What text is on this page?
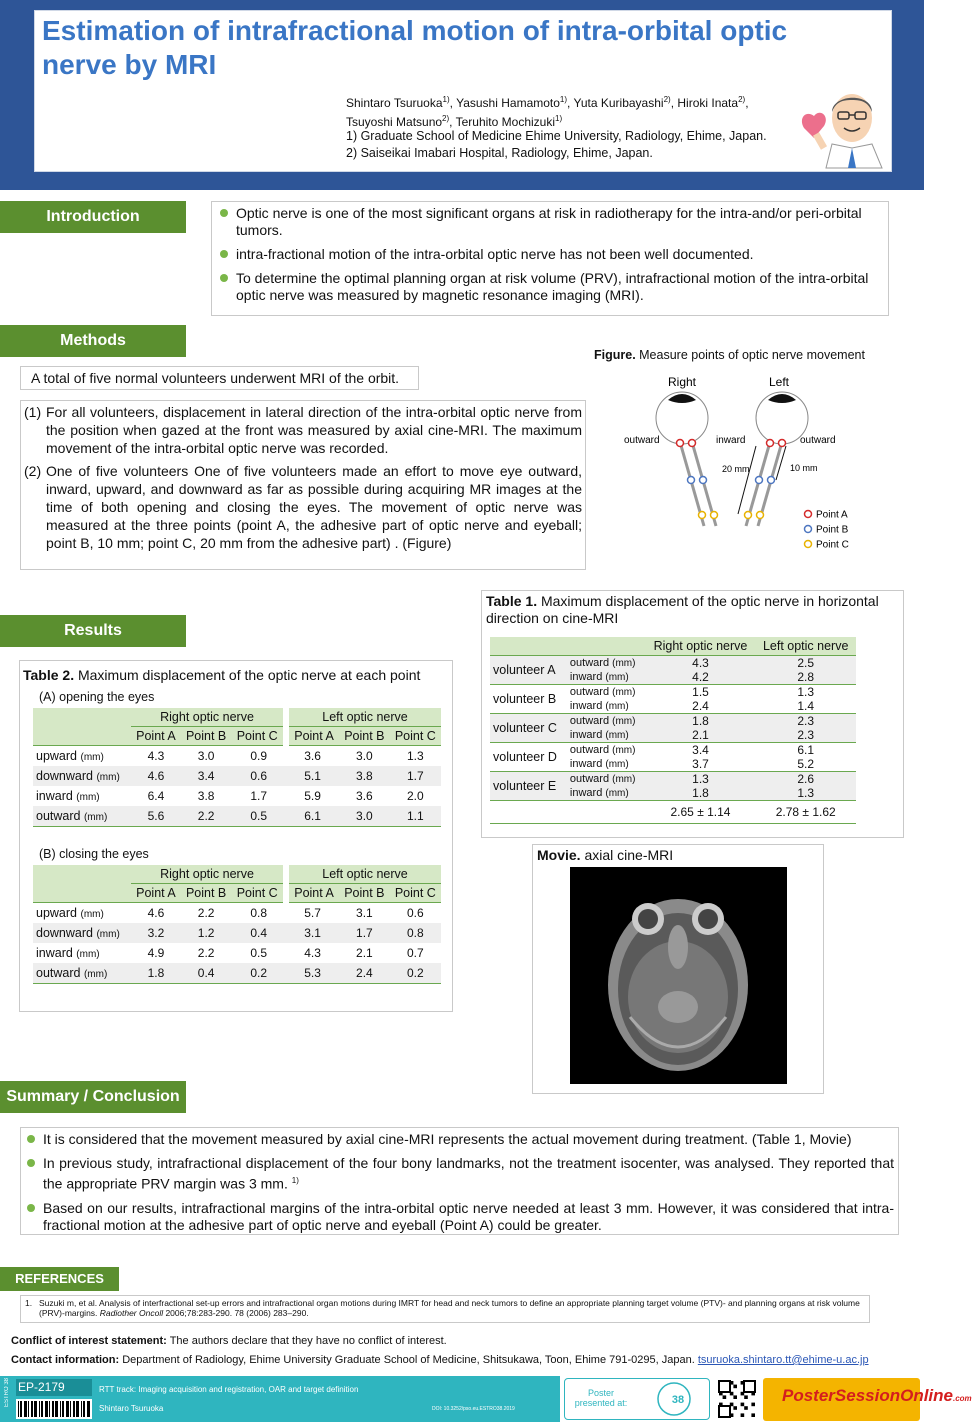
Estimation of intrafractional motion of intra-orbital optic nerve by MRI
Shintaro Tsuruoka$^{1)}$, Yasushi Hamamoto$^{1)}$, Yuta Kuribayashi$^{2)}$, Hiroki Inata$^{2)}$, Tsuyoshi Matsuno$^{2)}$, Teruhito Mochizuki$^{1)}$
1) Graduate School of Medicine Ehime University, Radiology, Ehime, Japan.
2) Saiseikai Imabari Hospital, Radiology, Ehime, Japan.
Introduction	Optic nerve is one of the most significant organs at risk in radiotherapy for the intra-and/or peri-orbital tumors.
intra-fractional motion of the intra-orbital optic nerve has not been well documented.
To determine the optimal planning organ at risk volume (PRV), intrafractional motion of the intra-orbital optic nerve was measured by magnetic resonance imaging (MRI).
Methods
A total of five normal volunteers underwent MRI of the orbit.
(1) For all volunteers, displacement in lateral direction of the intra-orbital optic nerve from the position when gazed at the front was measured by axial cine-MRI. The maximum movement of the intra-orbital optic nerve was recorded.
(2) One of five volunteers One of five volunteers made an effort to move eye outward, inward, upward, and downward as far as possible during acquiring MR images at the time of both opening and closing the eyes. The movement of optic nerve was measured at the three points (point A, the adhesive part of optic nerve and eyeball; point B, 10 mm; point C, 20 mm from the adhesive part) . (Figure)
Figure. Measure points of optic nerve movement
Right	Left
outward	inward	outward
20 mm	10 mm
Point A
Point B
Point C
Results
Table 1. Maximum displacement of the optic nerve in horizontal direction on cine-MRI
		Right optic nerve	Left optic nerve
volunteer A	outward (mm)	4.3	2.5
	inward (mm)	4.2	2.8
volunteer B	outward (mm)	1.5	1.3
	inward (mm)	2.4	1.4
volunteer C	outward (mm)	1.8	2.3
	inward (mm)	2.1	2.3
volunteer D	outward (mm)	3.4	6.1
	inward (mm)	3.7	5.2
volunteer E	outward (mm)	1.3	2.6
	inward (mm)	1.8	1.3
		2.65 ± 1.14	2.78 ± 1.62
Table 2. Maximum displacement of the optic nerve at each point
(A) opening the eyes
	Right optic nerve			Left optic nerve		
	Point A	Point B	Point C	Point A	Point B	Point C
upward (mm)	4.3	3.0	0.9	3.6	3.0	1.3
downward (mm)	4.6	3.4	0.6	5.1	3.8	1.7
inward (mm)	6.4	3.8	1.7	5.9	3.6	2.0
outward (mm)	5.6	2.2	0.5	6.1	3.0	1.1
(B) closing the eyes
	Right optic nerve			Left optic nerve		
	Point A	Point B	Point C	Point A	Point B	Point C
upward (mm)	4.6	2.2	0.8	5.7	3.1	0.6
downward (mm)	3.2	1.2	0.4	3.1	1.7	0.8
inward (mm)	4.9	2.2	0.5	4.3	2.1	0.7
outward (mm)	1.8	0.4	0.2	5.3	2.4	0.2
Movie. axial cine-MRI
Summary / Conclusion
It is considered that the movement measured by axial cine-MRI represents the actual movement during treatment. (Table 1, Movie)
In previous study, intrafractional displacement of the four bony landmarks, not the treatment isocenter, was analysed. They reported that the appropriate PRV margin was 3 mm. $^{1)}$
Based on our results, intrafractional margins of the intra-orbital optic nerve needed at least 3 mm. However, it was considered that intra-fractional motion at the adhesive part of optic nerve and eyeball (Point A) could be greater.
REFERENCES
1. Suzuki m, et al. Analysis of interfractional set-up errors and intrafractional organ motions during IMRT for head and neck tumors to define an appropriate planning target volume (PTV)- and planning organs at risk volume (PRV)-margins. Radiother Oncoll 2006;78:283-290. 78 (2006) 283–290.
Conflict of interest statement: The authors declare that they have no conflict of interest.
Contact information: Department of Radiology, Ehime University Graduate School of Medicine, Shitsukawa, Toon, Ehime 791-0295, Japan. tsuruoka.shintaro.tt@ehime-u.ac.jp
ESTRO 38 EP-2179	RTT track: Imaging acquisition and registration, OAR and target definition
Shintaro Tsuruoka	DOI: 10.3252/pso.eu.ESTRO38.2019
Poster presented at:	38	PosterSessionOnline.com
